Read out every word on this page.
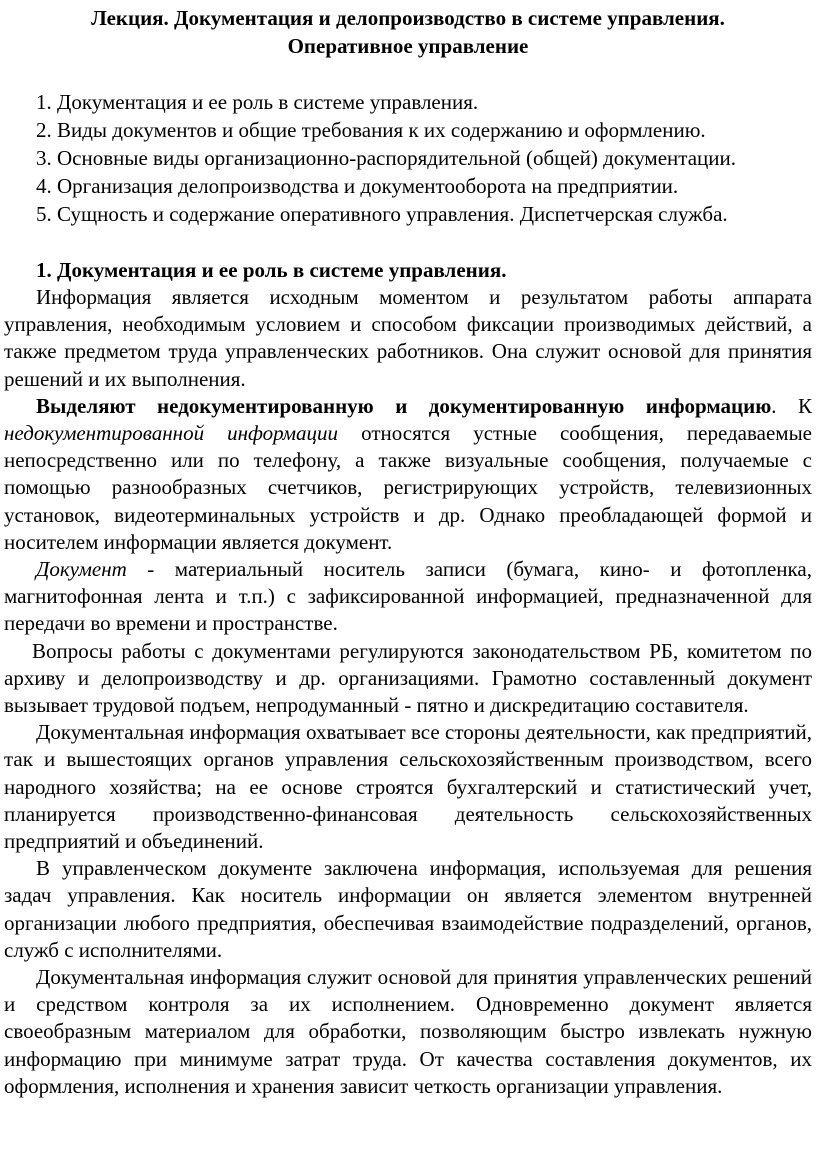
Лекция. Документация и делопроизводство в системе управления.

Оперативное управление

1. Документация и ее роль в системе управления.

2. Виды документов и общие требования к их содержанию и оформлению.

3. Основные виды организационно-распорядительной (общей) документации.

4. Организация делопроизводства и документооборота на предприятии.

5. Сущность и содержание оперативного управления. Диспетчерская служба.

1. Документация и ее роль в системе управления.

Информация является исходным моментом и результатом работы аппарата управления, необходимым условием и способом фиксации производимых действий, а также предметом труда управленческих работников. Она служит основой для принятия решений и их выполнения.

Выделяют недокументированную и документированную информацию. К недокументированной информации относятся устные сообщения, передаваемые непосредственно или по телефону, а также визуальные сообщения, получаемые с помощью разнообразных счетчиков, регистрирующих устройств, телевизионных установок, видеотерминальных устройств и др. Однако преобладающей формой и носителем информации является документ.

Документ - материальный носитель записи (бумага, кино- и фотопленка, магнитофонная лента и т.п.) с зафиксированной информацией, предназначенной для передачи во времени и пространстве.

Вопросы работы с документами регулируются законодательством РБ, комитетом по архиву и делопроизводству и др. организациями. Грамотно составленный документ вызывает трудовой подъем, непродуманный - пятно и дискредитацию составителя.

Документальная информация охватывает все стороны деятельности, как предприятий, так и вышестоящих органов управления сельскохозяйственным производством, всего народного хозяйства; на ее основе строятся бухгалтерский и статистический учет, планируется производственно-финансовая деятельность сельскохозяйственных предприятий и объединений.

В управленческом документе заключена информация, используемая для решения задач управления. Как носитель информации он является элементом внутренней организации любого предприятия, обеспечивая взаимодействие подразделений, органов, служб с исполнителями.

Документальная информация служит основой для принятия управленческих решений и средством контроля за их исполнением. Одновременно документ является своеобразным материалом для обработки, позволяющим быстро извлекать нужную информацию при минимуме затрат труда. От качества составления документов, их оформления, исполнения и хранения зависит четкость организации управления.
